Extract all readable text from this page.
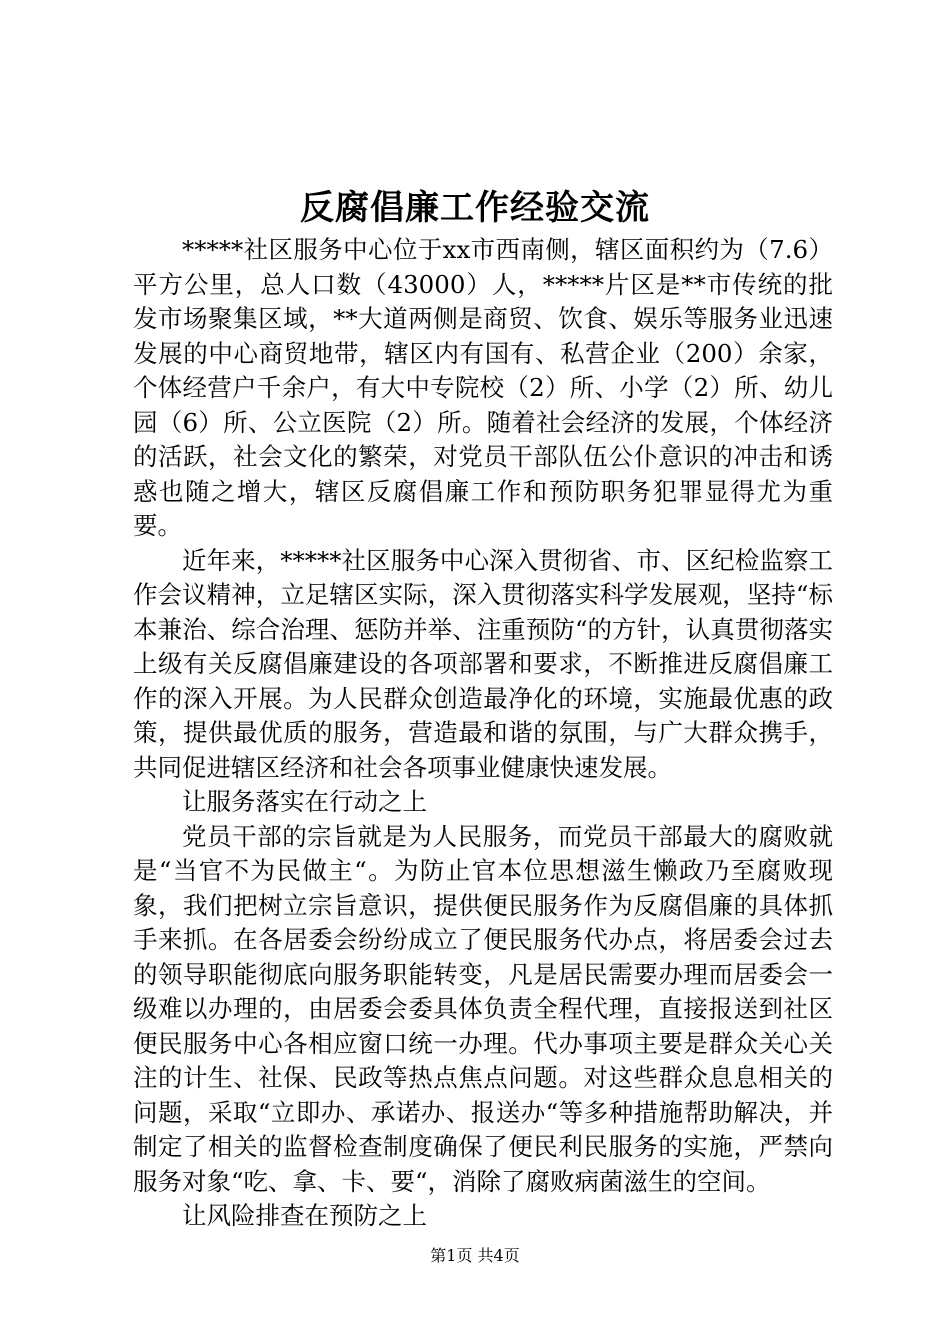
反腐倡廉工作经验交流

*****社区服务中心位于xx市西南侧，辖区面积约为（7.6）平方公里，总人口数（43000）人，*****片区是**市传统的批发市场聚集区域，**大道两侧是商贸、饮食、娱乐等服务业迅速发展的中心商贸地带，辖区内有国有、私营企业（200）余家，个体经营户千余户，有大中专院校（2）所、小学（2）所、幼儿园（6）所、公立医院（2）所。随着社会经济的发展，个体经济的活跃，社会文化的繁荣，对党员干部队伍公仆意识的冲击和诱惑也随之增大，辖区反腐倡廉工作和预防职务犯罪显得尤为重要。

近年来，*****社区服务中心深入贯彻省、市、区纪检监察工作会议精神，立足辖区实际，深入贯彻落实科学发展观，坚持“标本兼治、综合治理、惩防并举、注重预防“的方针，认真贯彻落实上级有关反腐倡廉建设的各项部署和要求，不断推进反腐倡廉工作的深入开展。为人民群众创造最净化的环境，实施最优惠的政策，提供最优质的服务，营造最和谐的氛围，与广大群众携手，共同促进辖区经济和社会各项事业健康快速发展。

让服务落实在行动之上

党员干部的宗旨就是为人民服务，而党员干部最大的腐败就是“当官不为民做主“。为防止官本位思想滋生懒政乃至腐败现象，我们把树立宗旨意识，提供便民服务作为反腐倡廉的具体抓手来抓。在各居委会纷纷成立了便民服务代办点，将居委会过去的领导职能彻底向服务职能转变，凡是居民需要办理而居委会一级难以办理的，由居委会委具体负责全程代理，直接报送到社区便民服务中心各相应窗口统一办理。代办事项主要是群众关心关注的计生、社保、民政等热点焦点问题。对这些群众息息相关的问题，采取“立即办、承诺办、报送办“等多种措施帮助解决，并制定了相关的监督检查制度确保了便民利民服务的实施，严禁向服务对象“吃、拿、卡、要“，消除了腐败病菌滋生的空间。

让风险排查在预防之上

第1页 共4页
